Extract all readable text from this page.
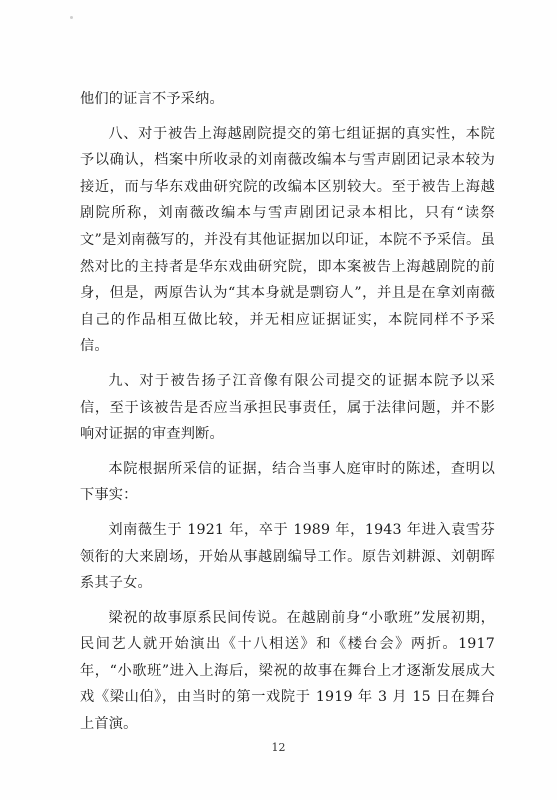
他们的证言不予采纳。

八、对于被告上海越剧院提交的第七组证据的真实性，本院予以确认，档案中所收录的刘南薇改编本与雪声剧团记录本较为接近，而与华东戏曲研究院的改编本区别较大。至于被告上海越剧院所称，刘南薇改编本与雪声剧团记录本相比，只有“读祭文”是刘南薇写的，并没有其他证据加以印证，本院不予采信。虽然对比的主持者是华东戏曲研究院，即本案被告上海越剧院的前身，但是，两原告认为“其本身就是剽窃人”，并且是在拿刘南薇自己的作品相互做比较，并无相应证据证实，本院同样不予采信。

九、对于被告扬子江音像有限公司提交的证据本院予以采信，至于该被告是否应当承担民事责任，属于法律问题，并不影响对证据的审查判断。

本院根据所采信的证据，结合当事人庭审时的陈述，查明以下事实：

刘南薇生于 1921 年，卒于 1989 年，1943 年进入袁雪芬领衔的大来剧场，开始从事越剧编导工作。原告刘耕源、刘朝晖系其子女。

梁祝的故事原系民间传说。在越剧前身“小歌班”发展初期，民间艺人就开始演出《十八相送》和《楼台会》两折。1917 年，“小歌班”进入上海后，梁祝的故事在舞台上才逐渐发展成大戏《梁山伯》，由当时的第一戏院于 1919 年 3 月 15 日在舞台上首演。

12
